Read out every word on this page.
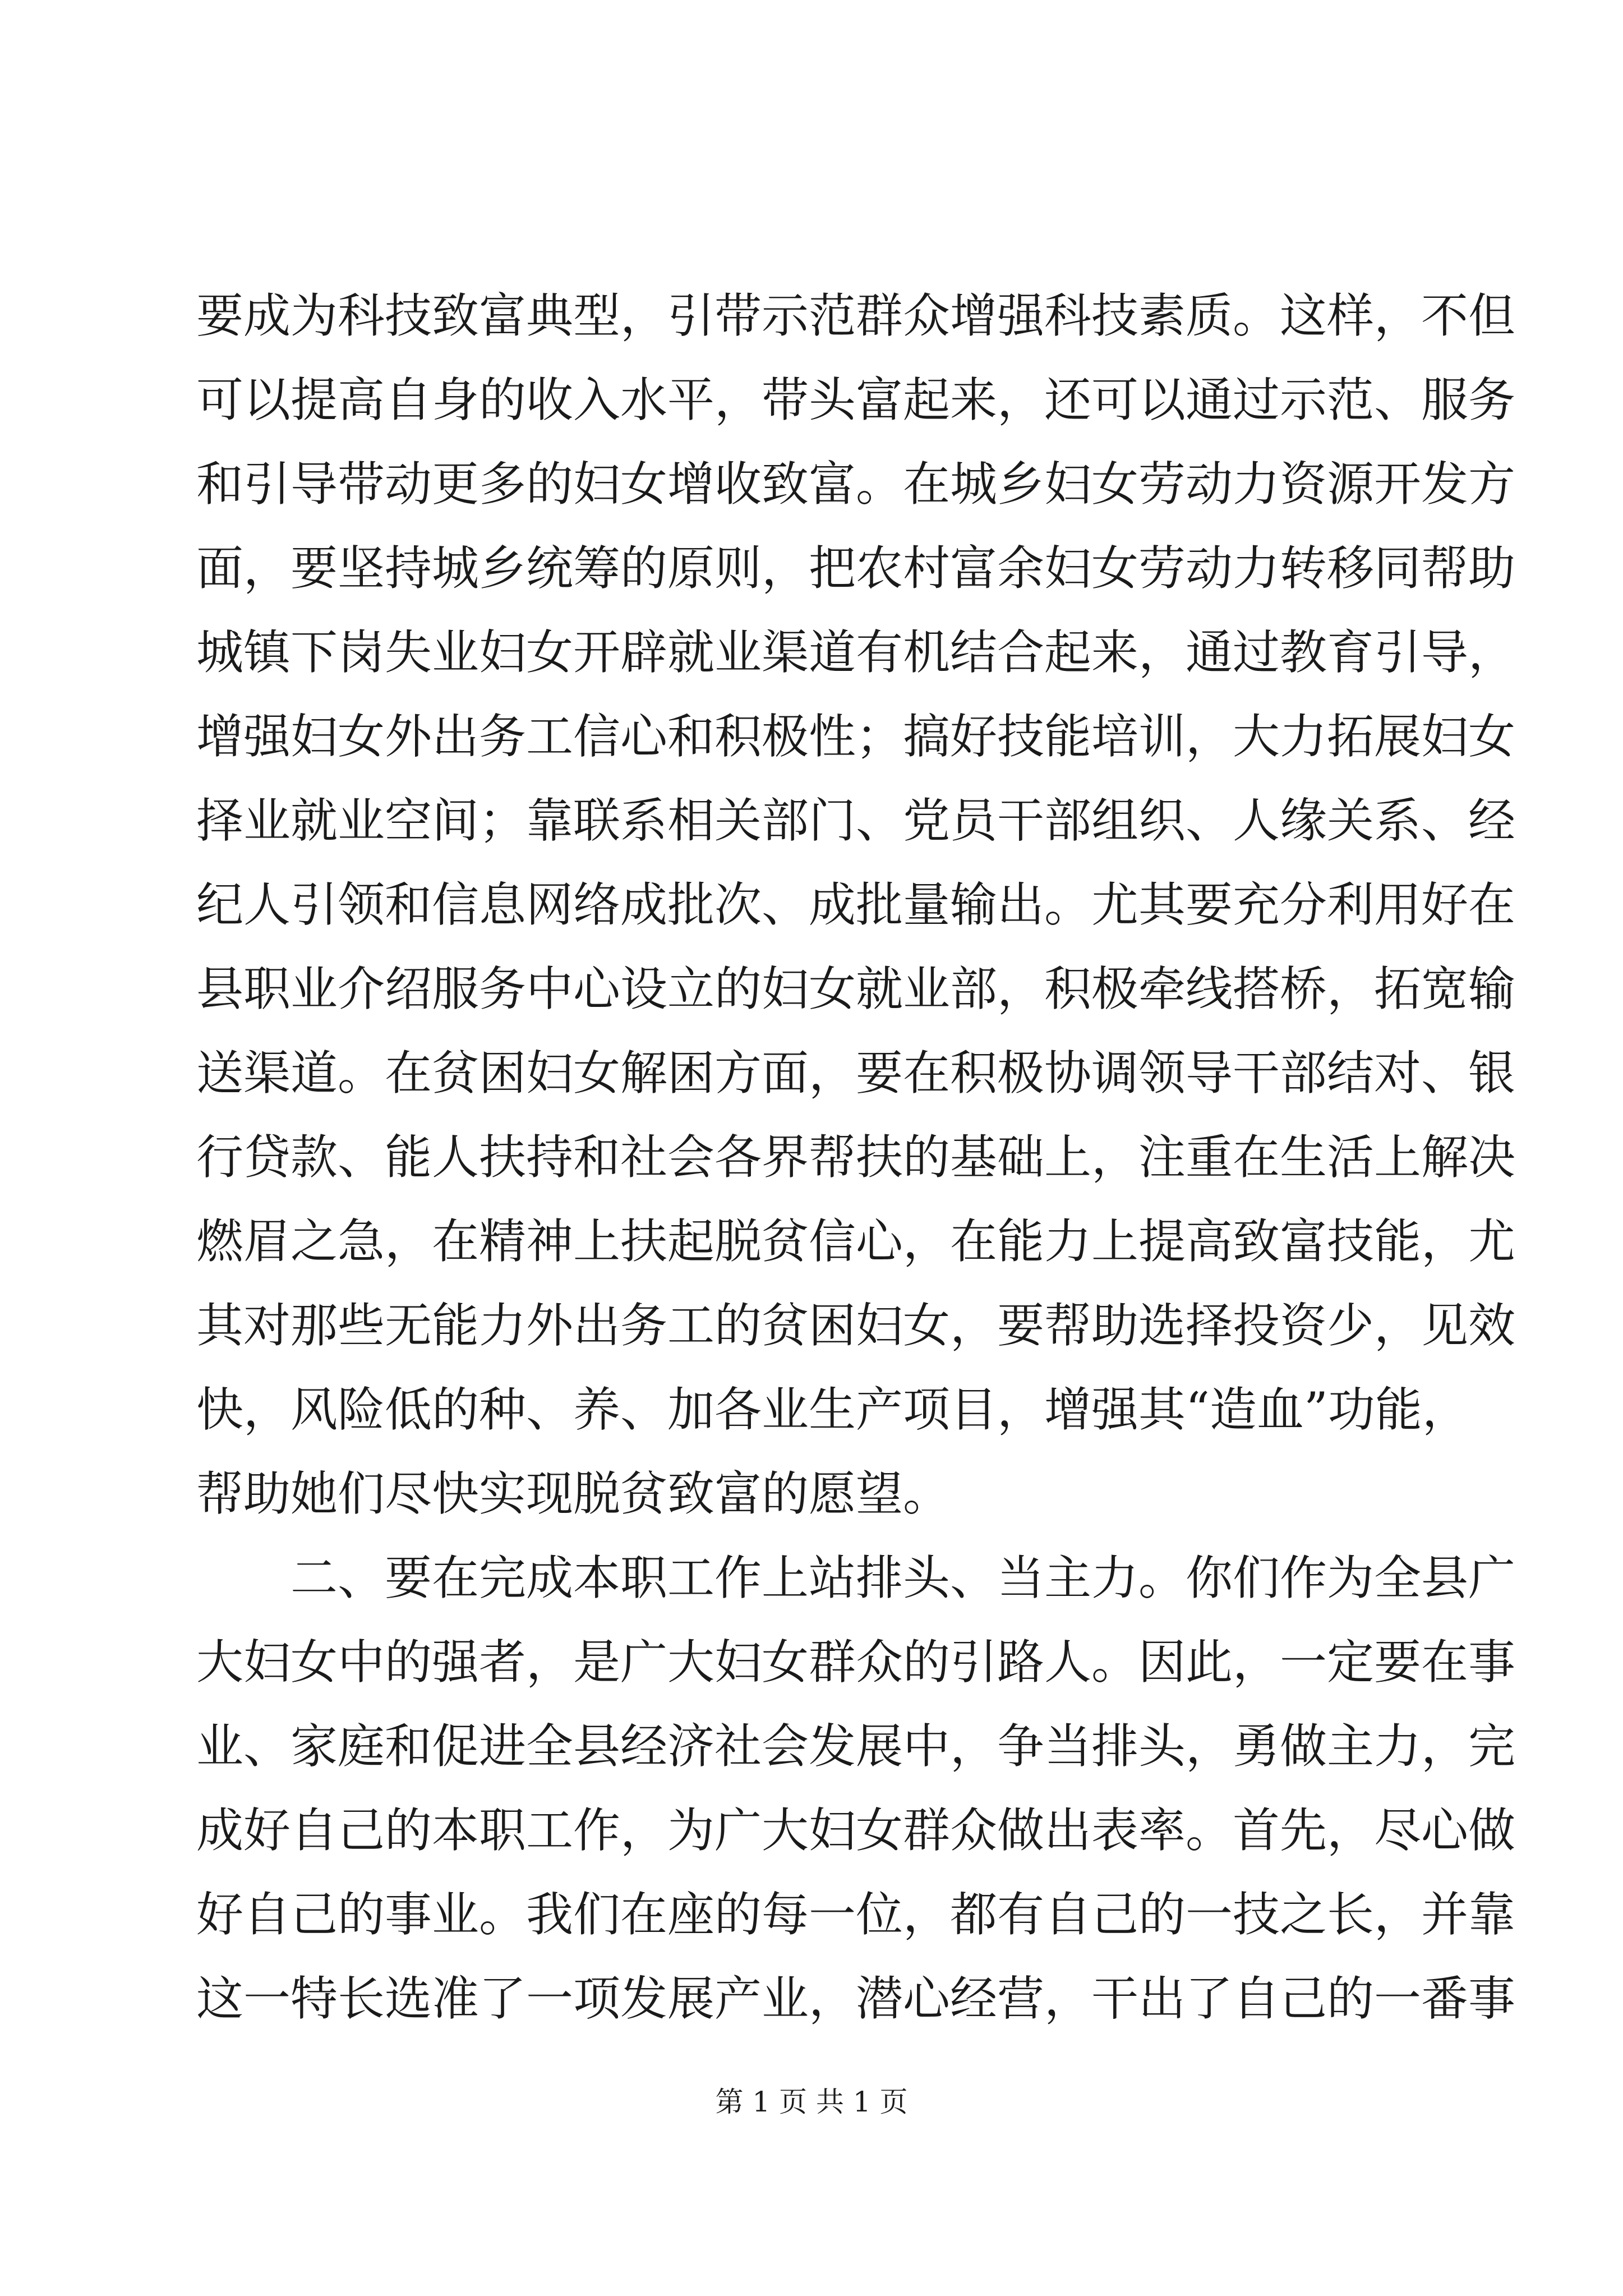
要成为科技致富典型，引带示范群众增强科技素质。这样，不但
可以提高自身的收入水平，带头富起来，还可以通过示范、服务
和引导带动更多的妇女增收致富。在城乡妇女劳动力资源开发方
面，要坚持城乡统筹的原则，把农村富余妇女劳动力转移同帮助
城镇下岗失业妇女开辟就业渠道有机结合起来，通过教育引导，
增强妇女外出务工信心和积极性；搞好技能培训，大力拓展妇女
择业就业空间；靠联系相关部门、党员干部组织、人缘关系、经
纪人引领和信息网络成批次、成批量输出。尤其要充分利用好在
县职业介绍服务中心设立的妇女就业部，积极牵线搭桥，拓宽输
送渠道。在贫困妇女解困方面，要在积极协调领导干部结对、银
行贷款、能人扶持和社会各界帮扶的基础上，注重在生活上解决
燃眉之急，在精神上扶起脱贫信心，在能力上提高致富技能，尤
其对那些无能力外出务工的贫困妇女，要帮助选择投资少，见效
快，风险低的种、养、加各业生产项目，增强其“造血”功能，
帮助她们尽快实现脱贫致富的愿望。
　　二、要在完成本职工作上站排头、当主力。你们作为全县广
大妇女中的强者，是广大妇女群众的引路人。因此，一定要在事
业、家庭和促进全县经济社会发展中，争当排头，勇做主力，完
成好自己的本职工作，为广大妇女群众做出表率。首先，尽心做
好自己的事业。我们在座的每一位，都有自己的一技之长，并靠
这一特长选准了一项发展产业，潜心经营，干出了自己的一番事
第 1 页 共 1 页
